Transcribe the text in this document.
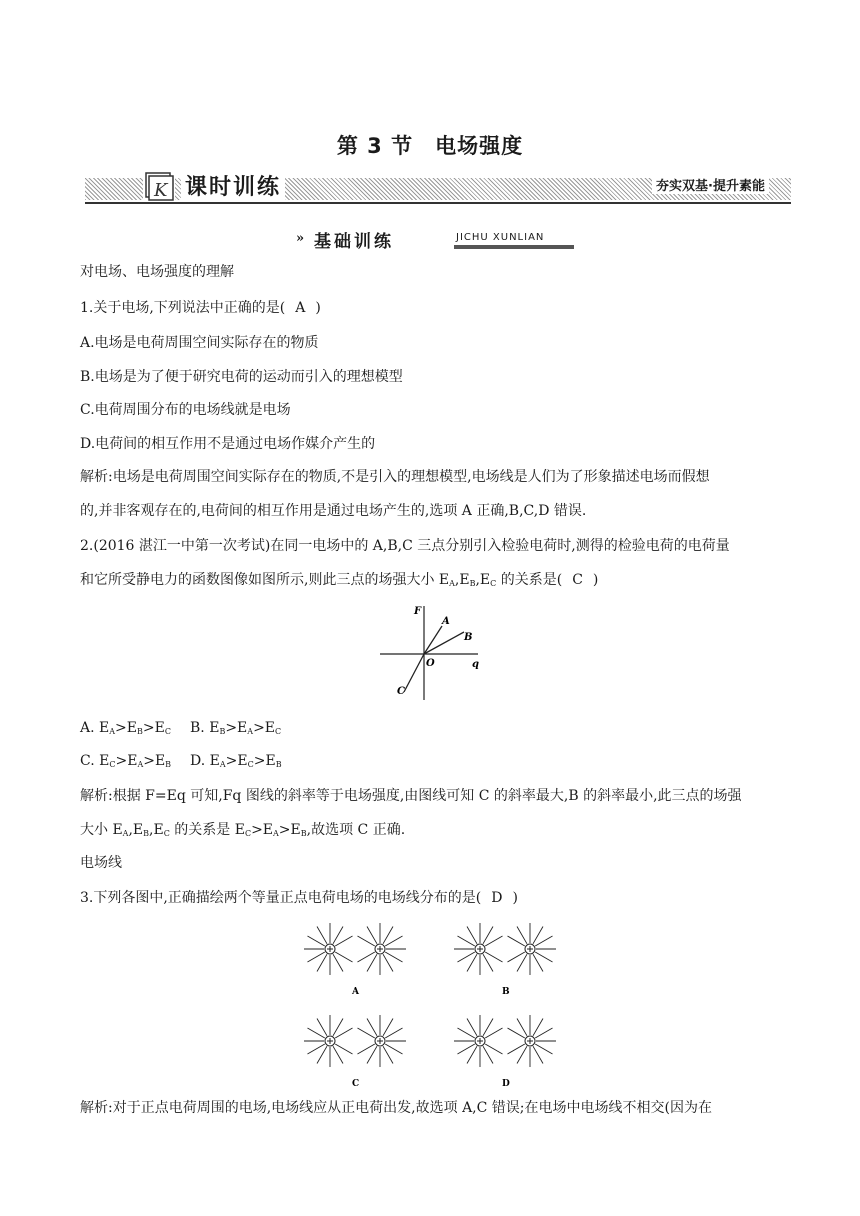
第 3 节 电场强度
K 课时训练	夯实双基·提升素能
» 基础训练	JICHU XUNLIAN
对电场、电场强度的理解
1.关于电场,下列说法中正确的是( A )
A.电场是电荷周围空间实际存在的物质
B.电场是为了便于研究电荷的运动而引入的理想模型
C.电荷周围分布的电场线就是电场
D.电荷间的相互作用不是通过电场作媒介产生的
解析:电场是电荷周围空间实际存在的物质,不是引入的理想模型,电场线是人们为了形象描述电场而假想
的,并非客观存在的,电荷间的相互作用是通过电场产生的,选项 A 正确,B,C,D 错误.
2.(2016 湛江一中第一次考试)在同一电场中的 A,B,C 三点分别引入检验电荷时,测得的检验电荷的电荷量
和它所受静电力的函数图像如图所示,则此三点的场强大小 $E_A,E_B,E_C$ 的关系是( C )
F
q
O
A
B
C
A. $E_A>E_B>E_C$ B. $E_B>E_A>E_C$
C. $E_C>E_A>E_B$ D. $E_A>E_C>E_B$
解析:根据 F=Eq 可知,Fq 图线的斜率等于电场强度,由图线可知 C 的斜率最大,B 的斜率最小,此三点的场强
大小 $E_A,E_B,E_C$ 的关系是 $E_C>E_A>E_B$,故选项 C 正确.
电场线
3.下列各图中,正确描绘两个等量正点电荷电场的电场线分布的是( D )
A	B
C	D
解析:对于正点电荷周围的电场,电场线应从正电荷出发,故选项 A,C 错误;在电场中电场线不相交(因为在
